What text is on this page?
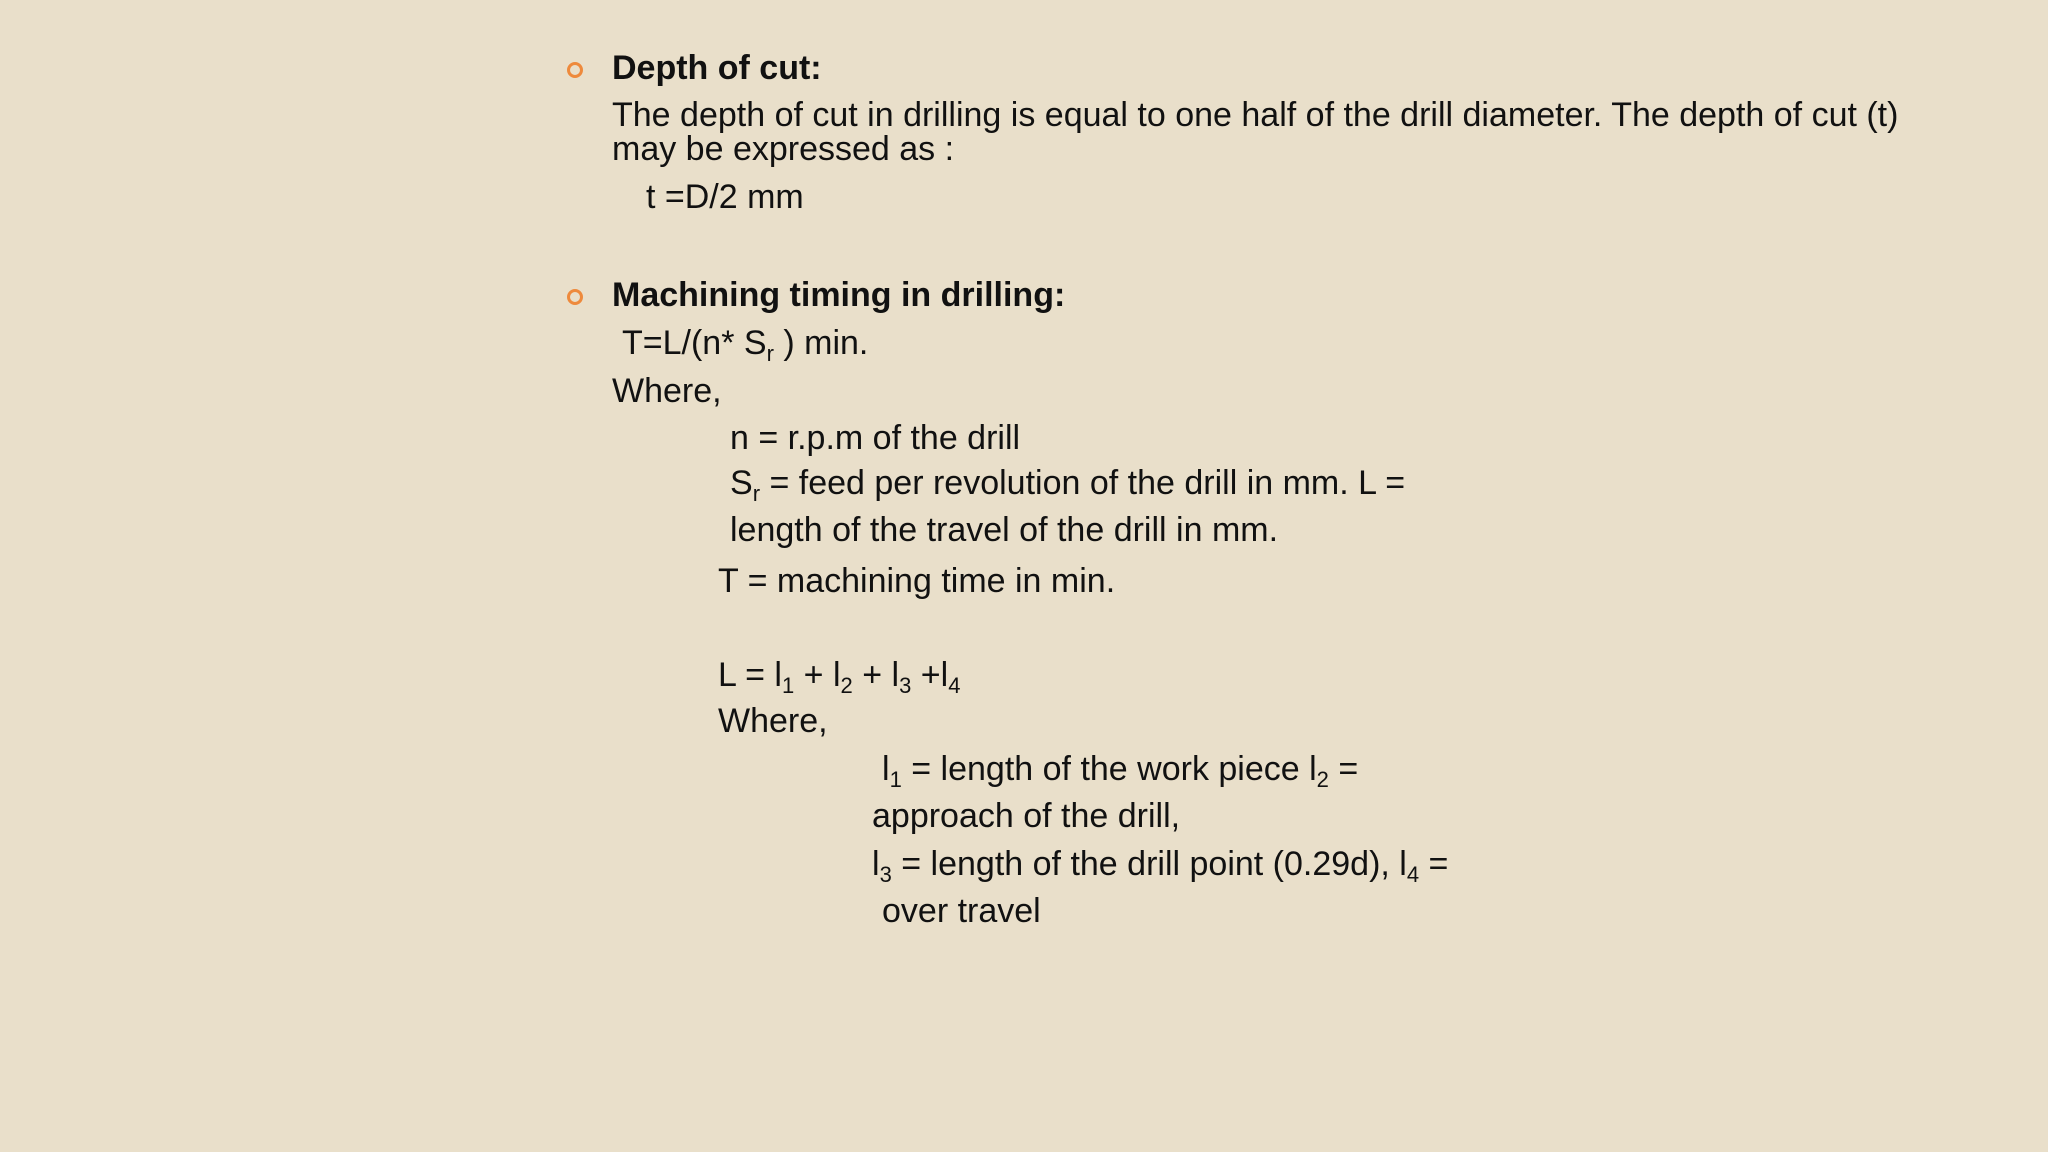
Depth of cut:
The depth of cut in drilling is equal to one half of the drill diameter. The depth of cut (t)
may be expressed as :
t =D/2 mm
Machining timing in drilling:
T=L/(n* $S_r$ ) min.
Where,
n = r.p.m of the drill
$S_r$ = feed per revolution of the drill in mm. L =
length of the travel of the drill in mm.
T = machining time in min.
$L = l_1 + l_2 + l_3 +l_4$
Where,
$l_1$ = length of the work piece $l_2$ =
approach of the drill,
$l_3$ = length of the drill point (0.29d), $l_4$ =
over travel
